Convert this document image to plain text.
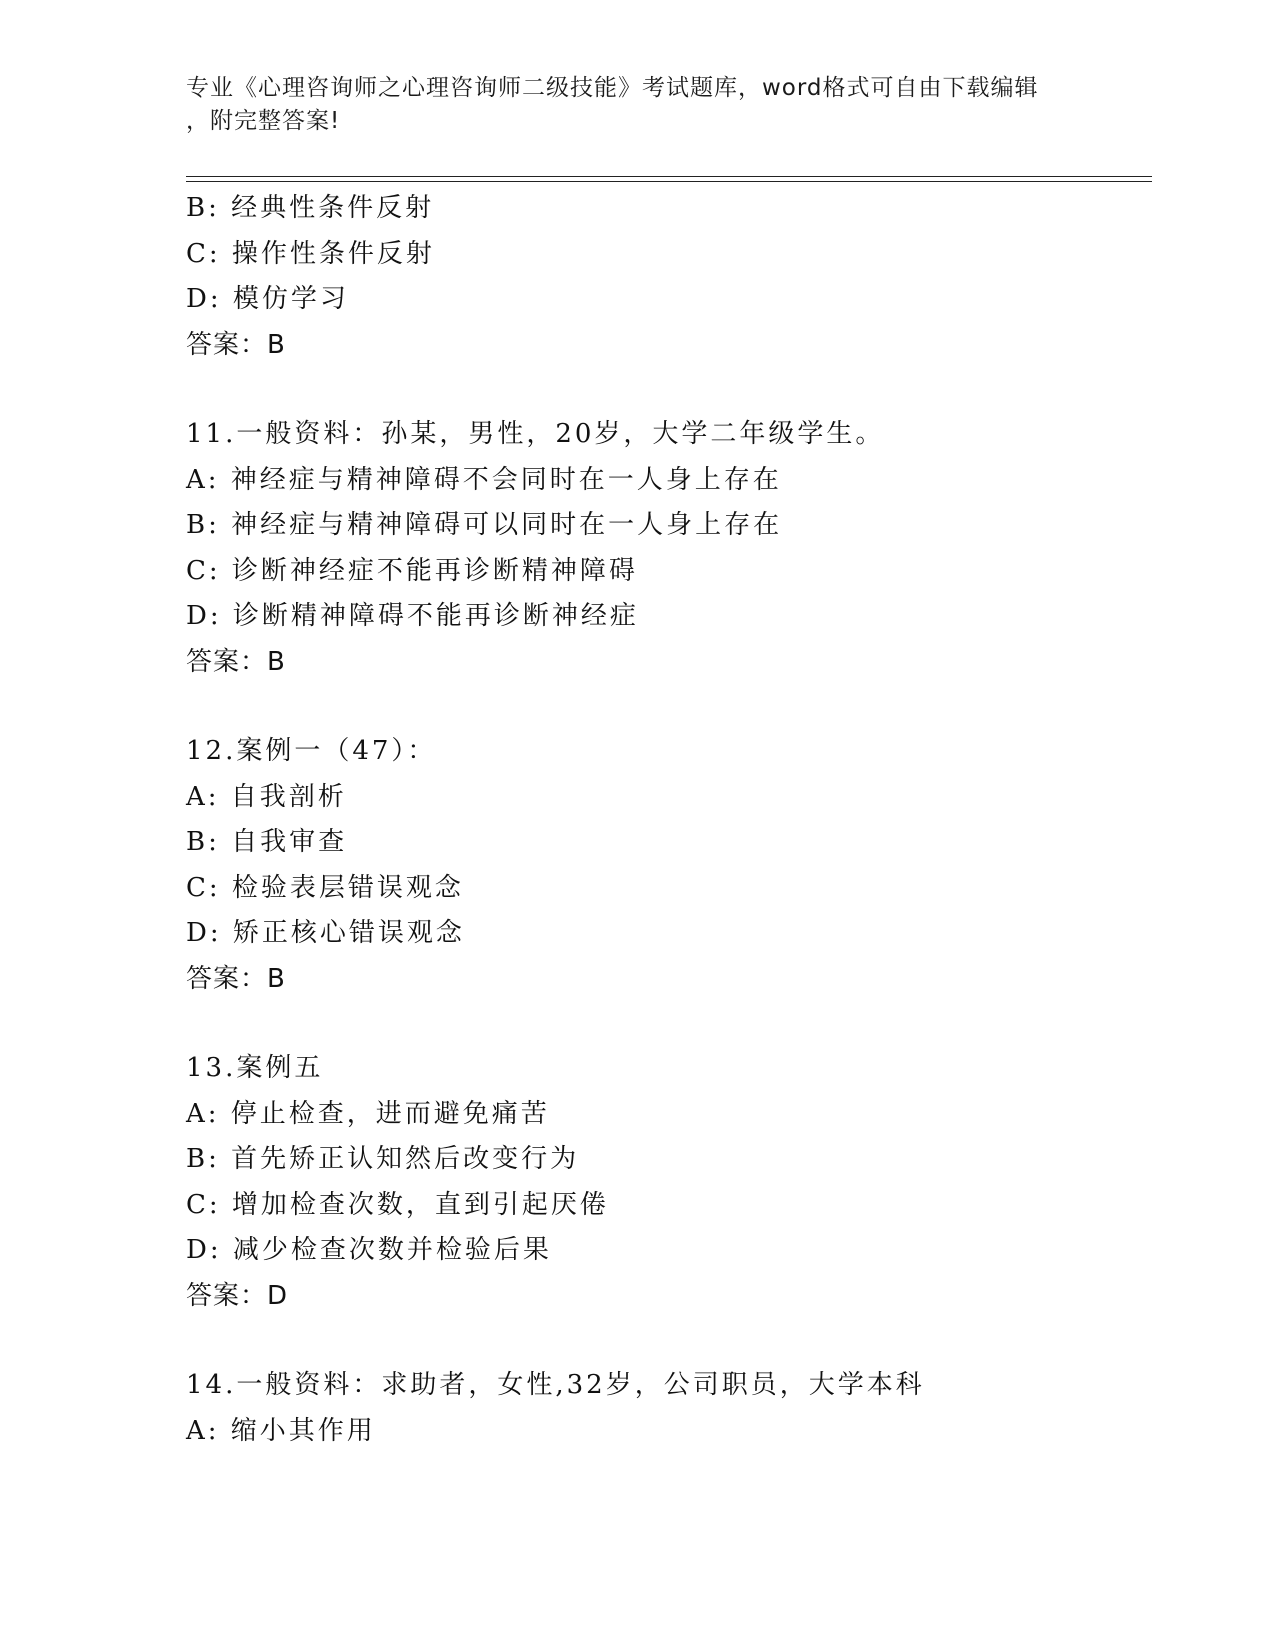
专业《心理咨询师之心理咨询师二级技能》考试题库，word格式可自由下载编辑
，附完整答案!
B: 经典性条件反射
C: 操作性条件反射
D: 模仿学习
答案：B
11.一般资料：孙某，男性，20岁，大学二年级学生。
A: 神经症与精神障碍不会同时在一人身上存在
B: 神经症与精神障碍可以同时在一人身上存在
C: 诊断神经症不能再诊断精神障碍
D: 诊断精神障碍不能再诊断神经症
答案：B
12.案例一（47）：
A: 自我剖析
B: 自我审查
C: 检验表层错误观念
D: 矫正核心错误观念
答案：B
13.案例五
A: 停止检查，进而避免痛苦
B: 首先矫正认知然后改变行为
C: 增加检查次数，直到引起厌倦
D: 减少检查次数并检验后果
答案：D
14.一般资料：求助者，女性,32岁，公司职员，大学本科
A: 缩小其作用
